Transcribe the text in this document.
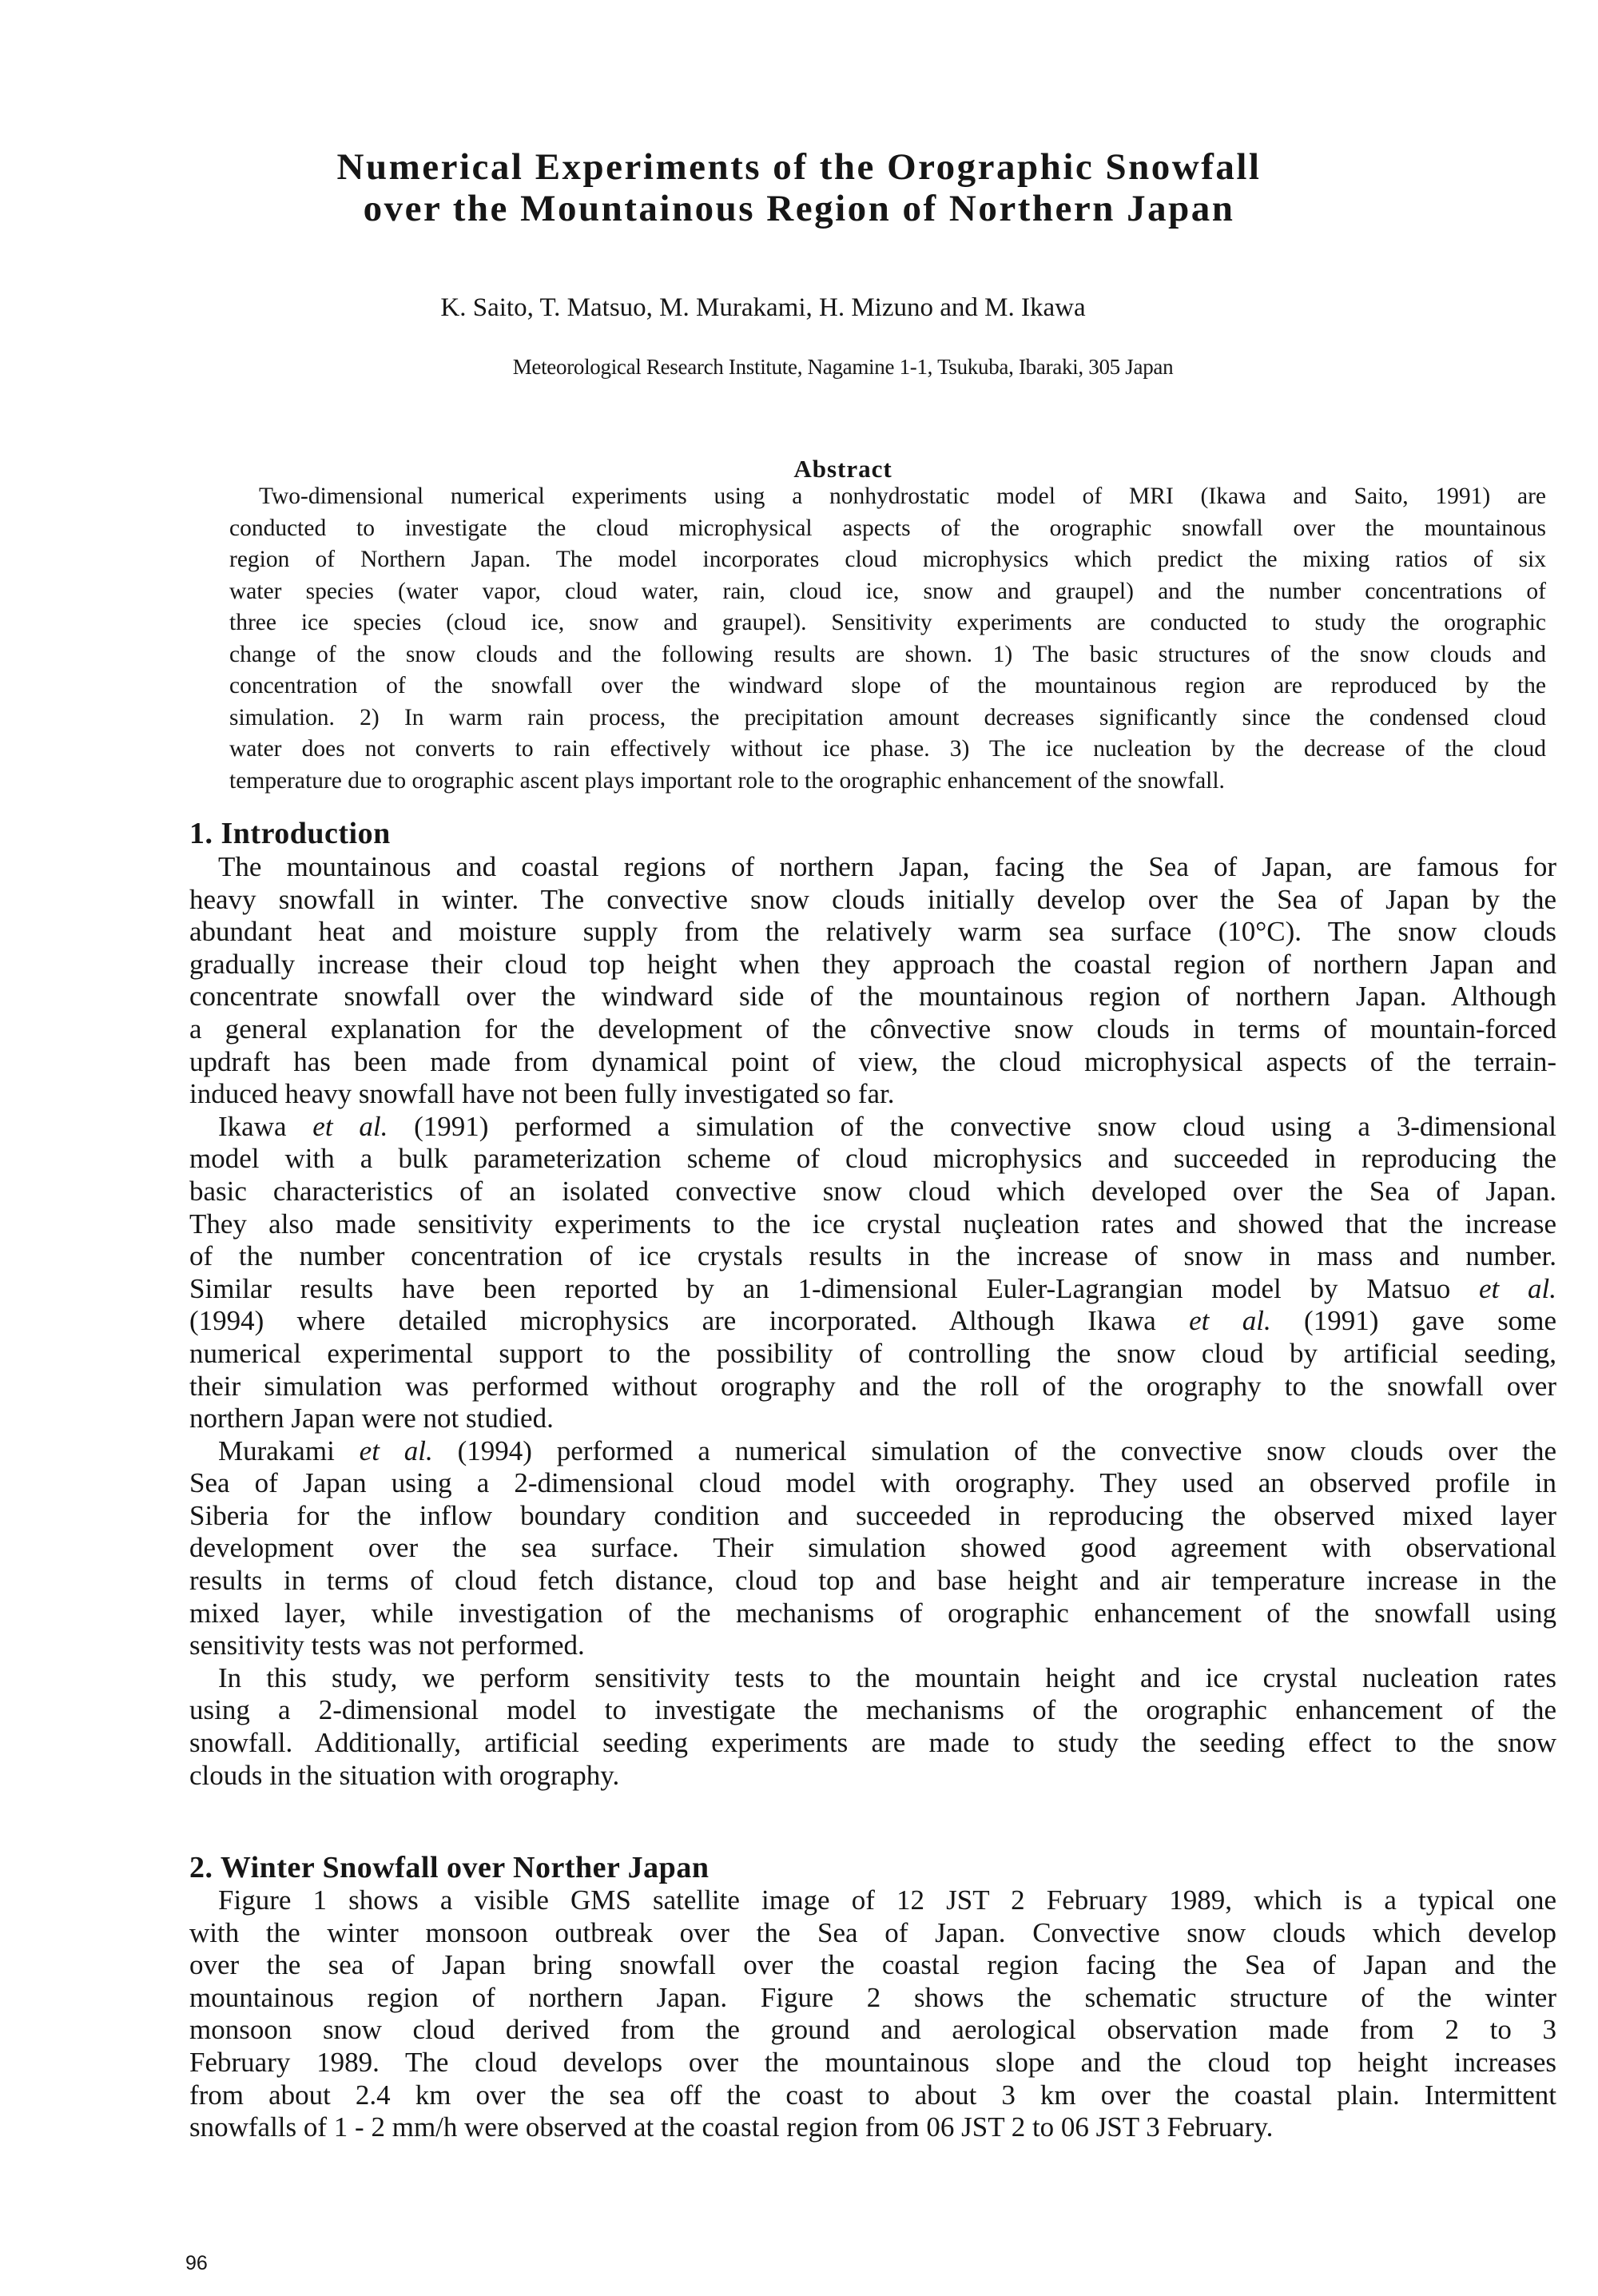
Numerical Experiments of the Orographic Snowfall
over the Mountainous Region of Northern Japan
K. Saito, T. Matsuo, M. Murakami, H. Mizuno and M. Ikawa
Meteorological Research Institute, Nagamine 1-1, Tsukuba, Ibaraki, 305 Japan
Abstract
Two-dimensional numerical experiments using a nonhydrostatic model of MRI (Ikawa and Saito, 1991) are
conducted to investigate the cloud microphysical aspects of the orographic snowfall over the mountainous
region of Northern Japan. The model incorporates cloud microphysics which predict the mixing ratios of six
water species (water vapor, cloud water, rain, cloud ice, snow and graupel) and the number concentrations of
three ice species (cloud ice, snow and graupel). Sensitivity experiments are conducted to study the orographic
change of the snow clouds and the following results are shown. 1) The basic structures of the snow clouds and
concentration of the snowfall over the windward slope of the mountainous region are reproduced by the
simulation. 2) In warm rain process, the precipitation amount decreases significantly since the condensed cloud
water does not converts to rain effectively without ice phase. 3) The ice nucleation by the decrease of the cloud
temperature due to orographic ascent plays important role to the orographic enhancement of the snowfall.
1. Introduction
The mountainous and coastal regions of northern Japan, facing the Sea of Japan, are famous for
heavy snowfall in winter. The convective snow clouds initially develop over the Sea of Japan by the
abundant heat and moisture supply from the relatively warm sea surface (10°C). The snow clouds
gradually increase their cloud top height when they approach the coastal region of northern Japan and
concentrate snowfall over the windward side of the mountainous region of northern Japan. Although
a general explanation for the development of the cônvective snow clouds in terms of mountain-forced
updraft has been made from dynamical point of view, the cloud microphysical aspects of the terrain-
induced heavy snowfall have not been fully investigated so far.
Ikawa et al. (1991) performed a simulation of the convective snow cloud using a 3-dimensional
model with a bulk parameterization scheme of cloud microphysics and succeeded in reproducing the
basic characteristics of an isolated convective snow cloud which developed over the Sea of Japan.
They also made sensitivity experiments to the ice crystal nuçleation rates and showed that the increase
of the number concentration of ice crystals results in the increase of snow in mass and number.
Similar results have been reported by an 1-dimensional Euler-Lagrangian model by Matsuo et al.
(1994) where detailed microphysics are incorporated. Although Ikawa et al. (1991) gave some
numerical experimental support to the possibility of controlling the snow cloud by artificial seeding,
their simulation was performed without orography and the roll of the orography to the snowfall over
northern Japan were not studied.
Murakami et al. (1994) performed a numerical simulation of the convective snow clouds over the
Sea of Japan using a 2-dimensional cloud model with orography. They used an observed profile in
Siberia for the inflow boundary condition and succeeded in reproducing the observed mixed layer
development over the sea surface. Their simulation showed good agreement with observational
results in terms of cloud fetch distance, cloud top and base height and air temperature increase in the
mixed layer, while investigation of the mechanisms of orographic enhancement of the snowfall using
sensitivity tests was not performed.
In this study, we perform sensitivity tests to the mountain height and ice crystal nucleation rates
using a 2-dimensional model to investigate the mechanisms of the orographic enhancement of the
snowfall. Additionally, artificial seeding experiments are made to study the seeding effect to the snow
clouds in the situation with orography.
2. Winter Snowfall over Norther Japan
Figure 1 shows a visible GMS satellite image of 12 JST 2 February 1989, which is a typical one
with the winter monsoon outbreak over the Sea of Japan. Convective snow clouds which develop
over the sea of Japan bring snowfall over the coastal region facing the Sea of Japan and the
mountainous region of northern Japan. Figure 2 shows the schematic structure of the winter
monsoon snow cloud derived from the ground and aerological observation made from 2 to 3
February 1989. The cloud develops over the mountainous slope and the cloud top height increases
from about 2.4 km over the sea off the coast to about 3 km over the coastal plain. Intermittent
snowfalls of 1 - 2 mm/h were observed at the coastal region from 06 JST 2 to 06 JST 3 February.
96
